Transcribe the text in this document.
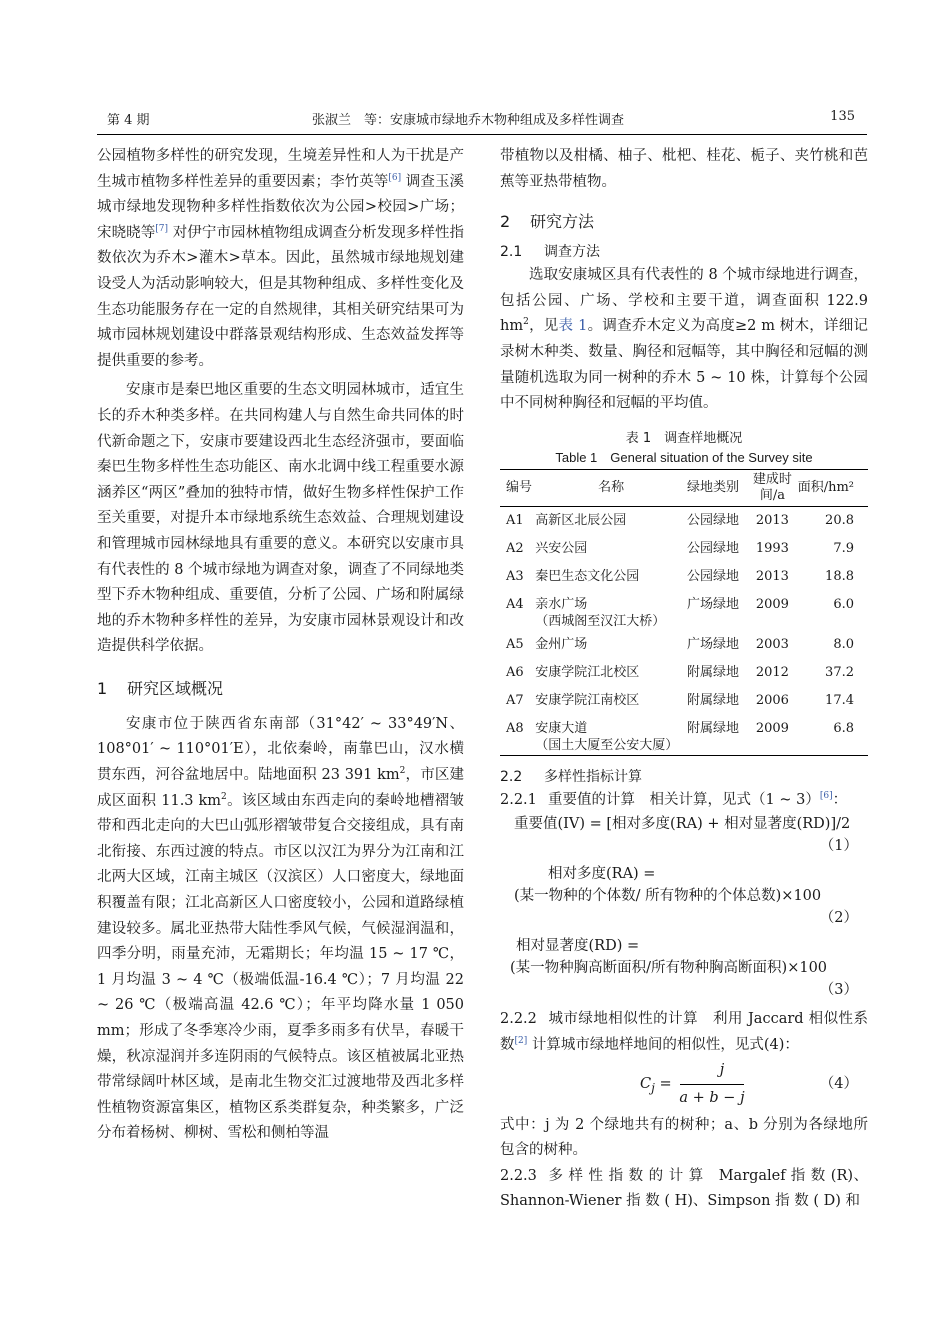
第 4 期	张淑兰　等：安康城市绿地乔木物种组成及多样性调查	135

公园植物多样性的研究发现，生境差异性和人为干扰是产生城市植物多样性差异的重要因素；李竹英等[6] 调查玉溪城市绿地发现物种多样性指数依次为公园>校园>广场；宋晓晓等[7] 对伊宁市园林植物组成调查分析发现多样性指数依次为乔木>灌木>草本。因此，虽然城市绿地规划建设受人为活动影响较大，但是其物种组成、多样性变化及生态功能服务存在一定的自然规律，其相关研究结果可为城市园林规划建设中群落景观结构形成、生态效益发挥等提供重要的参考。

安康市是秦巴地区重要的生态文明园林城市，适宜生长的乔木种类多样。在共同构建人与自然生命共同体的时代新命题之下，安康市要建设西北生态经济强市，要面临秦巴生物多样性生态功能区、南水北调中线工程重要水源涵养区“两区”叠加的独特市情，做好生物多样性保护工作至关重要，对提升本市绿地系统生态效益、合理规划建设和管理城市园林绿地具有重要的意义。本研究以安康市具有代表性的 8 个城市绿地为调查对象，调查了不同绿地类型下乔木物种组成、重要值，分析了公园、广场和附属绿地的乔木物种多样性的差异，为安康市园林景观设计和改造提供科学依据。

1 研究区域概况

安康市位于陕西省东南部（31°42′ ~ 33°49′N、108°01′ ~ 110°01′E），北依秦岭，南靠巴山，汉水横贯东西，河谷盆地居中。陆地面积 23 391 $km^2$，市区建成区面积 11.3 $km^2$。该区域由东西走向的秦岭地槽褶皱带和西北走向的大巴山弧形褶皱带复合交接组成，具有南北衔接、东西过渡的特点。市区以汉江为界分为江南和江北两大区域，江南主城区（汉滨区）人口密度大，绿地面积覆盖有限；江北高新区人口密度较小，公园和道路绿植建设较多。属北亚热带大陆性季风气候，气候湿润温和，四季分明，雨量充沛，无霜期长；年均温 15 ~ 17 ℃，1 月均温 3 ~ 4 ℃（极端低温-16.4 ℃）；7 月均温 22 ~ 26 ℃（极端高温 42.6 ℃）；年平均降水量 1 050 mm；形成了冬季寒冷少雨，夏季多雨多有伏旱，春暖干燥，秋凉湿润并多连阴雨的气候特点。该区植被属北亚热带常绿阔叶林区域，是南北生物交汇过渡地带及西北多样性植物资源富集区，植物区系类群复杂，种类繁多，广泛分布着杨树、柳树、雪松和侧柏等温

带植物以及柑橘、柚子、枇杷、桂花、栀子、夹竹桃和芭蕉等亚热带植物。

2 研究方法
2.1 调查方法

选取安康城区具有代表性的 8 个城市绿地进行调查，包括公园、广场、学校和主要干道，调查面积 122.9 $hm^2$，见表 1。调查乔木定义为高度≥2 m 树木，详细记录树木种类、数量、胸径和冠幅等，其中胸径和冠幅的测量随机选取为同一树种的乔木 5 ~ 10 株，计算每个公园中不同树种胸径和冠幅的平均值。

表 1　调查样地概况
Table 1　General situation of the Survey site
编号	名称	绿地类别	建成时间/a	面积/hm²
A1	高新区北辰公园	公园绿地	2013	20.8
A2	兴安公园	公园绿地	1993	7.9
A3	秦巴生态文化公园	公园绿地	2013	18.8
A4	亲水广场
（西城阁至汉江大桥）	广场绿地	2009	6.0
A5	金州广场	广场绿地	2003	8.0
A6	安康学院江北校区	附属绿地	2012	37.2
A7	安康学院江南校区	附属绿地	2006	17.4
A8	安康大道
（国土大厦至公安大厦）	附属绿地	2009	6.8
2.2 多样性指标计算

2.2.1 重要值的计算　相关计算，见式（1 ~ 3）[6]：

重要值(IV) = [相对多度(RA) + 相对显著度(RD)]/2
（1）
相对多度(RA) =
(某一物种的个体数/ 所有物种的个体总数)×100
（2）
相对显著度(RD) =
(某一物种胸高断面积/所有物种胸高断面积)×100
（3）

2.2.2 城市绿地相似性的计算　利用 Jaccard 相似性系数[2] 计算城市绿地样地间的相似性，见式(4)：

$C_j$ =
j
a + b − j
（4）

式中：j 为 2 个绿地共有的树种；a、b 分别为各绿地所包含的树种。

2.2.3 多 样 性 指 数 的 计 算　Margalef 指 数 (R)、Shannon-Wiener 指 数 ( H)、Simpson 指 数 ( D) 和
